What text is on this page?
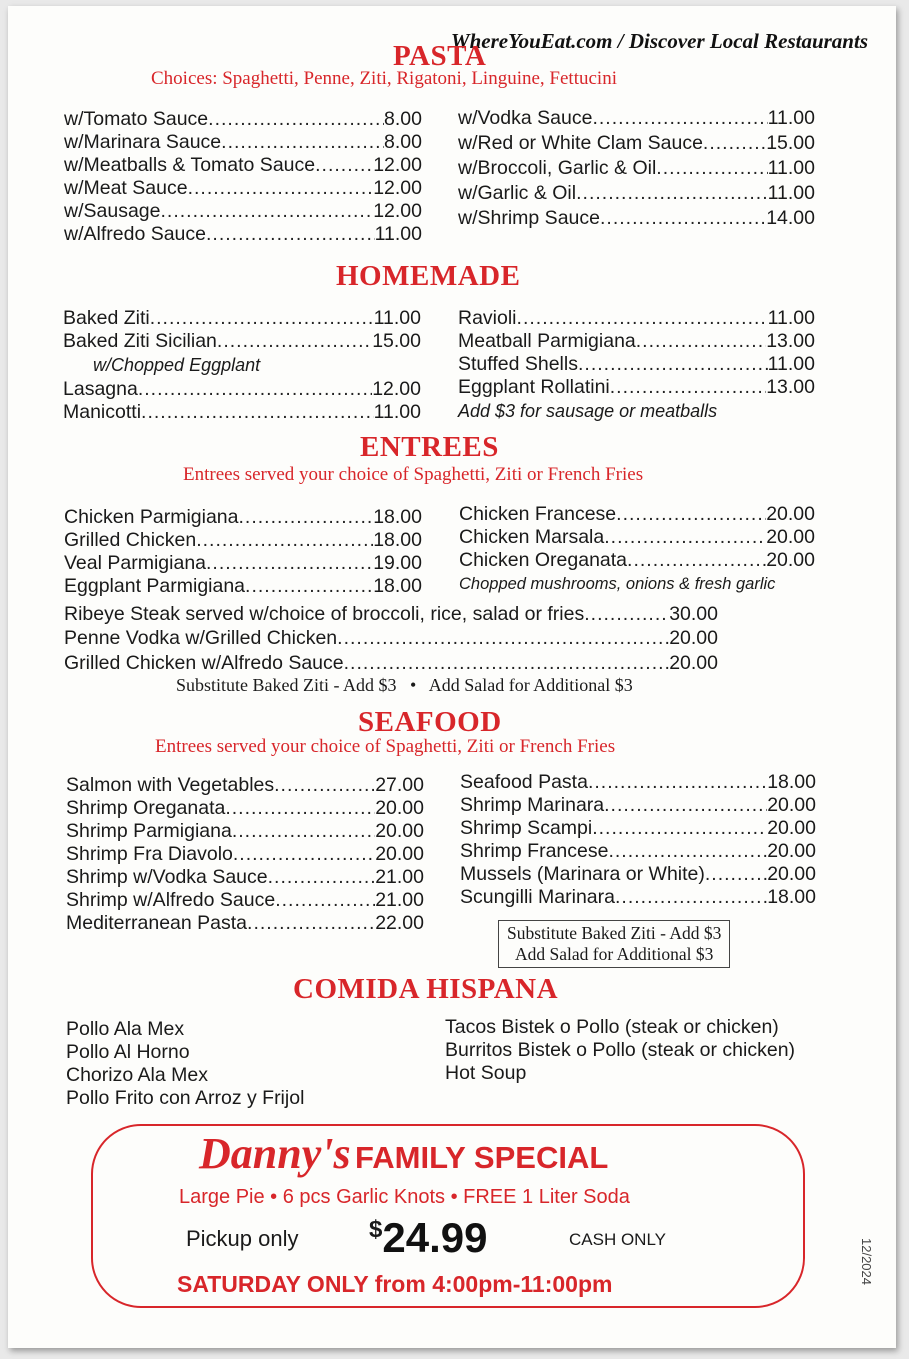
WhereYouEat.com / Discover Local Restaurants
PASTA
Choices: Spaghetti, Penne, Ziti, Rigatoni, Linguine, Fettucini
w/Tomato Sauce .....	8.00
w/Marinara Sauce .....	8.00
w/Meatballs & Tomato Sauce .....	12.00
w/Meat Sauce .....	12.00
w/Sausage .....	12.00
w/Alfredo Sauce .....	11.00
w/Vodka Sauce .....	11.00
w/Red or White Clam Sauce .....	15.00
w/Broccoli, Garlic & Oil .....	11.00
w/Garlic & Oil .....	11.00
w/Shrimp Sauce .....	14.00
HOMEMADE
Baked Ziti .....	11.00
Baked Ziti Sicilian .....	15.00
w/Chopped Eggplant
Lasagna .....	12.00
Manicotti .....	11.00
Ravioli .....	11.00
Meatball Parmigiana .....	13.00
Stuffed Shells .....	11.00
Eggplant Rollatini .....	13.00
Add $3 for sausage or meatballs
ENTREES
Entrees served your choice of Spaghetti, Ziti or French Fries
Chicken Parmigiana .....	18.00
Grilled Chicken .....	18.00
Veal Parmigiana .....	19.00
Eggplant Parmigiana .....	18.00
Chicken Francese .....	20.00
Chicken Marsala .....	20.00
Chicken Oreganata .....	20.00
Chopped mushrooms, onions & fresh garlic
Ribeye Steak served w/choice of broccoli, rice, salad or fries .....	30.00
Penne Vodka w/Grilled Chicken .....	20.00
Grilled Chicken w/Alfredo Sauce .....	20.00
Substitute Baked Ziti - Add $3   •   Add Salad for Additional $3
SEAFOOD
Entrees served your choice of Spaghetti, Ziti or French Fries
Salmon with Vegetables .....	27.00
Shrimp Oreganata .....	20.00
Shrimp Parmigiana .....	20.00
Shrimp Fra Diavolo .....	20.00
Shrimp w/Vodka Sauce .....	21.00
Shrimp w/Alfredo Sauce .....	21.00
Mediterranean Pasta .....	22.00
Seafood Pasta .....	18.00
Shrimp Marinara .....	20.00
Shrimp Scampi .....	20.00
Shrimp Francese .....	20.00
Mussels (Marinara or White) .....	20.00
Scungilli Marinara .....	18.00
Substitute Baked Ziti - Add $3
Add Salad for Additional $3
COMIDA HISPANA
Pollo Ala Mex
Pollo Al Horno
Chorizo Ala Mex
Pollo Frito con Arroz y Frijol
Tacos Bistek o Pollo (steak or chicken)
Burritos Bistek o Pollo (steak or chicken)
Hot Soup
Danny's FAMILY SPECIAL
Large Pie • 6 pcs Garlic Knots • FREE 1 Liter Soda
Pickup only	$24.99	CASH ONLY
SATURDAY ONLY from 4:00pm-11:00pm	12/2024
